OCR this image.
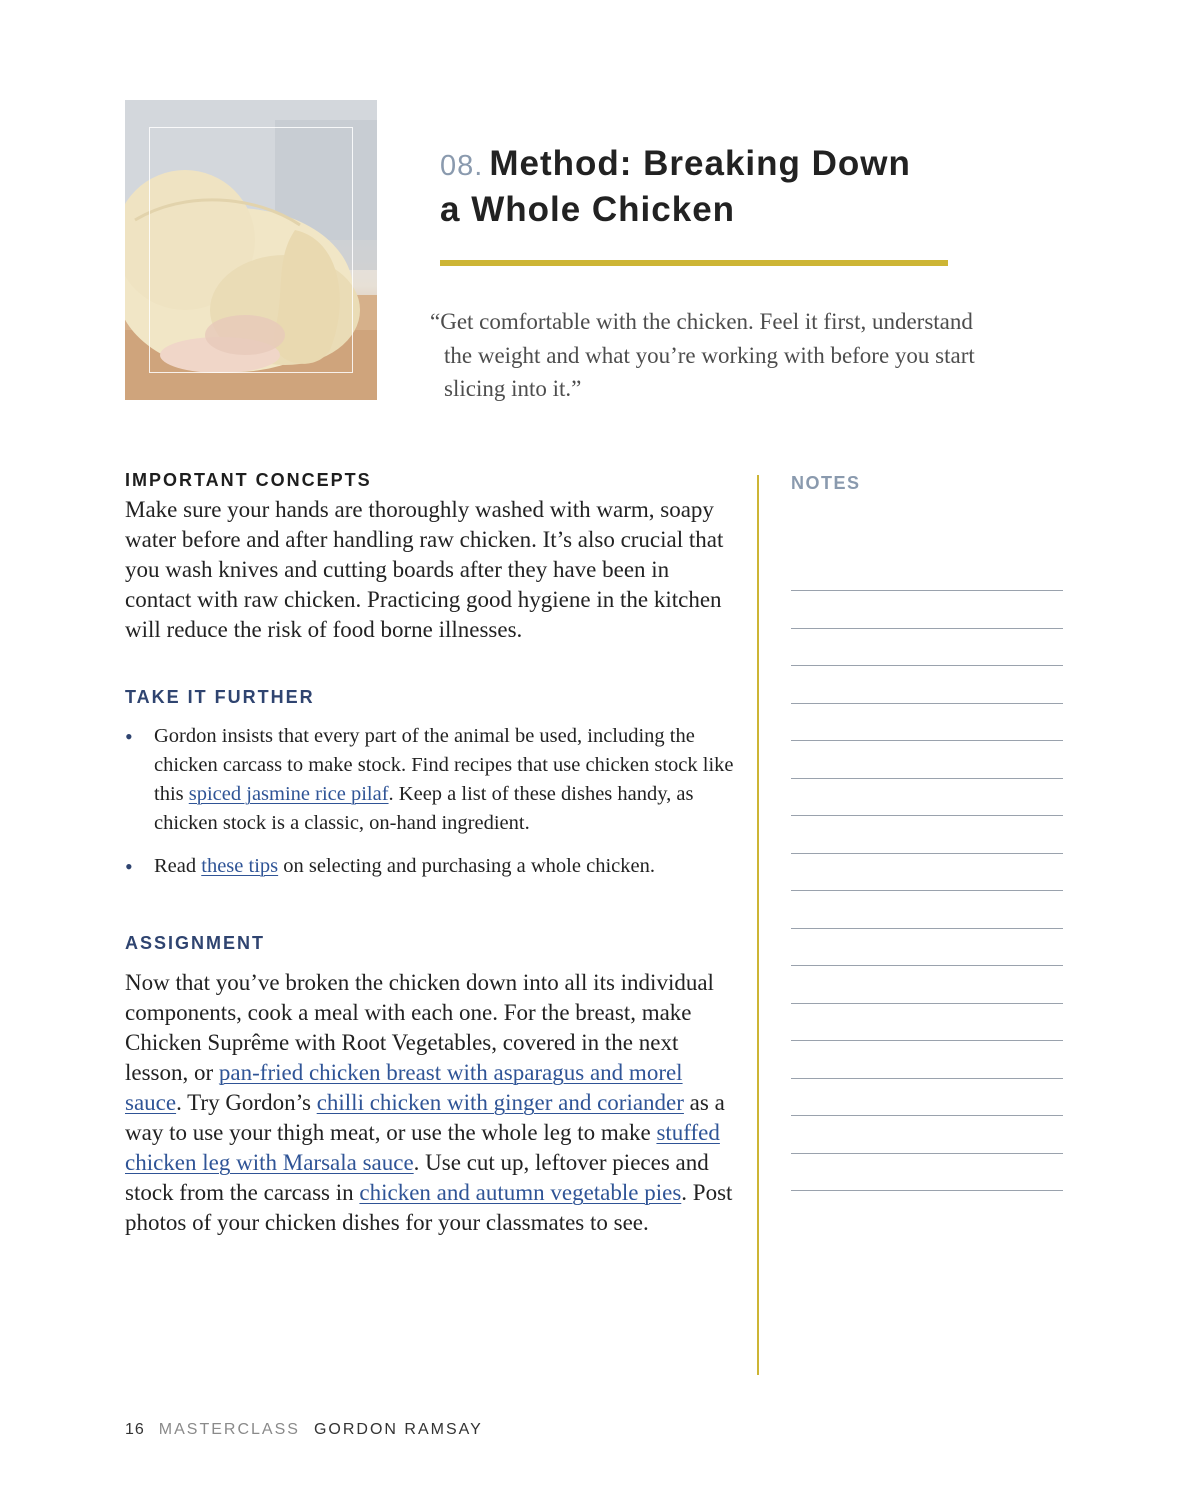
08. Method: Breaking Down
a Whole Chicken
“Get comfortable with the chicken. Feel it first, understand
the weight and what you’re working with before you start
slicing into it.”
IMPORTANT CONCEPTS

Make sure your hands are thoroughly washed with warm, soapy water before and after handling raw chicken. It’s also crucial that you wash knives and cutting boards after they have been in contact with raw chicken. Practicing good hygiene in the kitchen will reduce the risk of food borne illnesses.

TAKE IT FURTHER
• Gordon insists that every part of the animal be used, including the chicken carcass to make stock. Find recipes that use chicken stock like this spiced jasmine rice pilaf. Keep a list of these dishes handy, as chicken stock is a classic, on-hand ingredient.
• Read these tips on selecting and purchasing a whole chicken.
ASSIGNMENT

Now that you’ve broken the chicken down into all its individual components, cook a meal with each one. For the breast, make Chicken Suprême with Root Vegetables, covered in the next lesson, or pan-fried chicken breast with asparagus and morel sauce. Try Gordon’s chilli chicken with ginger and coriander as a way to use your thigh meat, or use the whole leg to make stuffed chicken leg with Marsala sauce. Use cut up, leftover pieces and stock from the carcass in chicken and autumn vegetable pies. Post photos of your chicken dishes for your classmates to see.

NOTES
16 MASTERCLASS GORDON RAMSAY
